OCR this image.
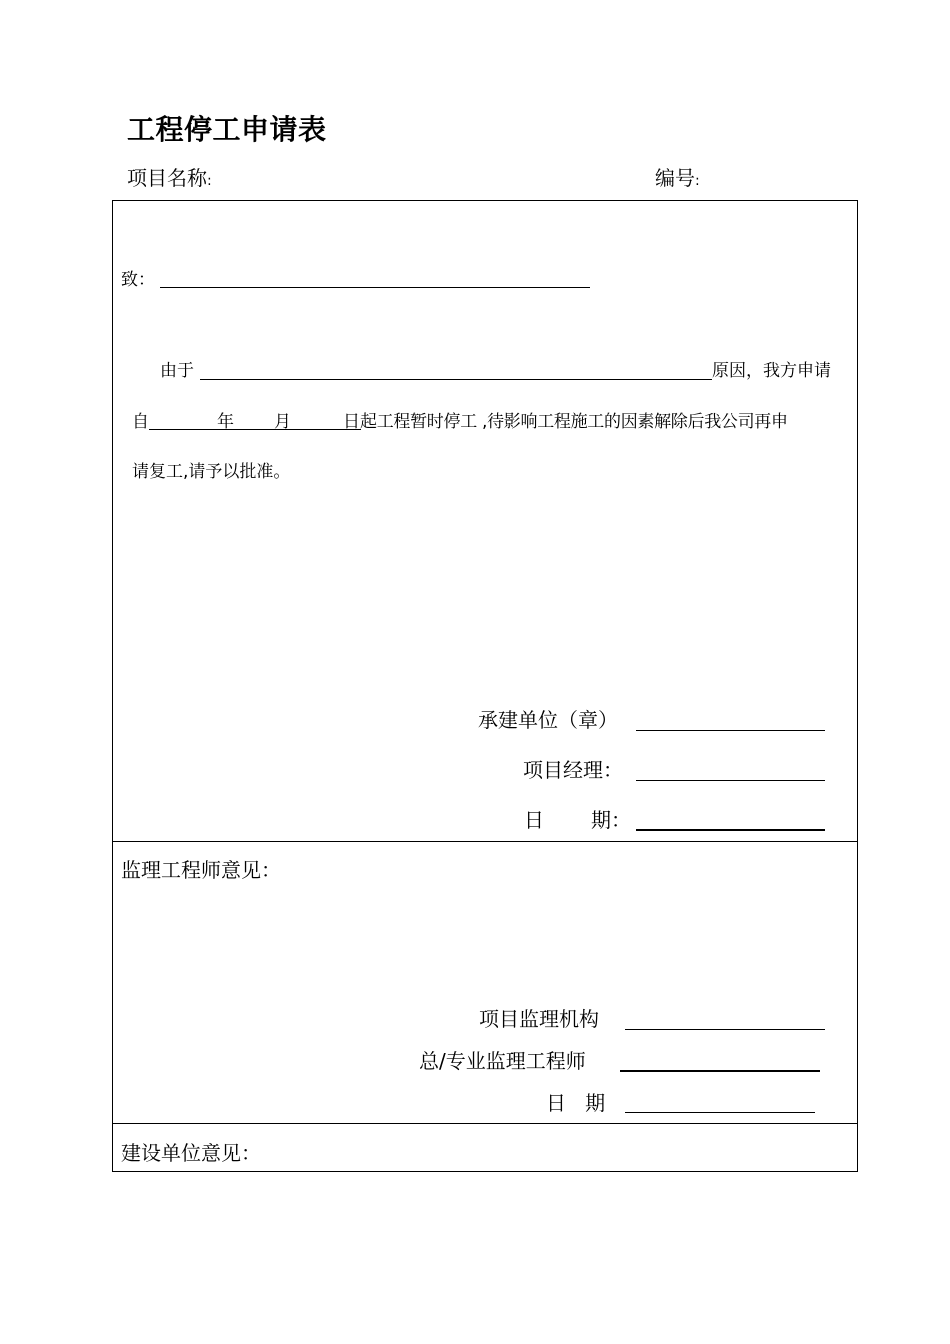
工程停工申请表
项目名称:	编号:
致：
由于	原因，我方申请
自	年 月	日 起工程暂时停工 ,待影响工程施工的因素解除后我公司再申
请复工,请予以批准。
承建单位（章）
项目经理：
日 期：
监理工程师意见：
项目监理机构
总/专业监理工程师
日   期
建设单位意见：
